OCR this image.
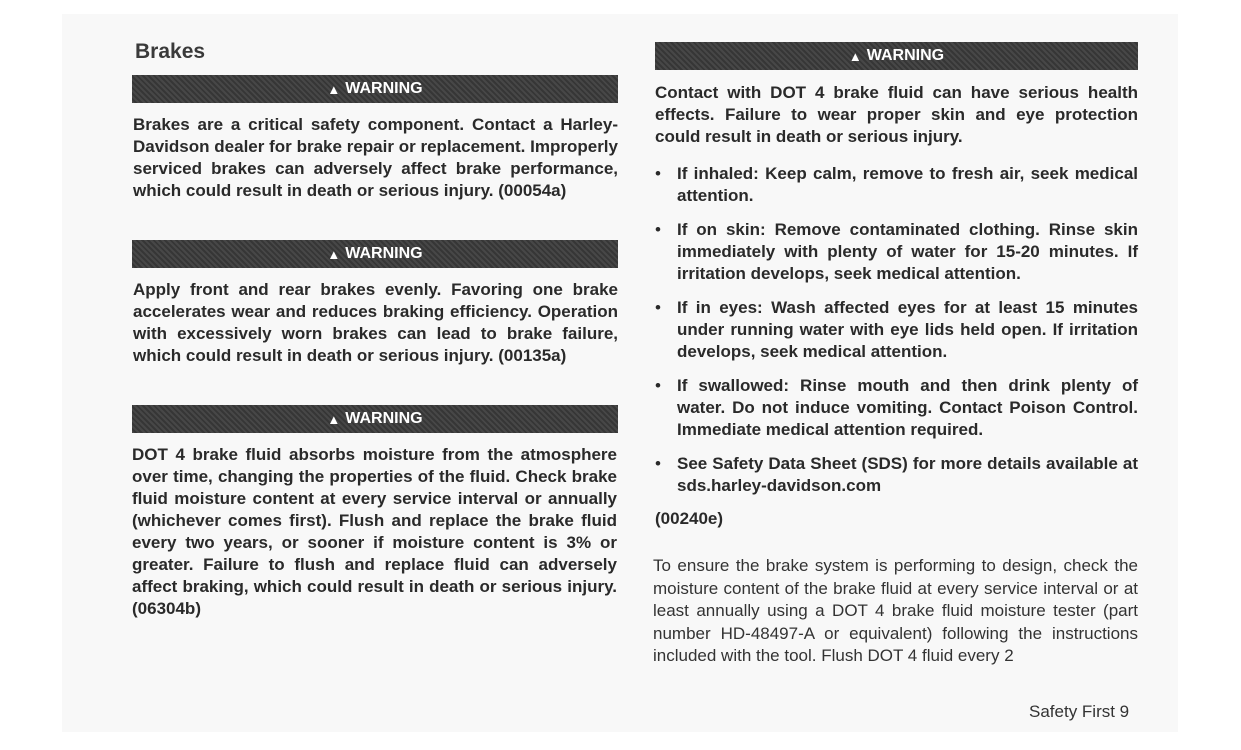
Brakes
▲ WARNING
Brakes are a critical safety component. Contact a Harley-Davidson dealer for brake repair or replacement. Improperly serviced brakes can adversely affect brake performance, which could result in death or serious injury. (00054a)
▲ WARNING
Apply front and rear brakes evenly. Favoring one brake accelerates wear and reduces braking efficiency. Operation with excessively worn brakes can lead to brake failure, which could result in death or serious injury. (00135a)
▲ WARNING
DOT 4 brake fluid absorbs moisture from the atmosphere over time, changing the properties of the fluid. Check brake fluid moisture content at every service interval or annually (whichever comes first). Flush and replace the brake fluid every two years, or sooner if moisture content is 3% or greater. Failure to flush and replace fluid can adversely affect braking, which could result in death or serious injury. (06304b)
▲ WARNING
Contact with DOT 4 brake fluid can have serious health effects. Failure to wear proper skin and eye protection could result in death or serious injury.
• If inhaled: Keep calm, remove to fresh air, seek medical attention.
• If on skin: Remove contaminated clothing. Rinse skin immediately with plenty of water for 15-20 minutes. If irritation develops, seek medical attention.
• If in eyes: Wash affected eyes for at least 15 minutes under running water with eye lids held open. If irritation develops, seek medical attention.
• If swallowed: Rinse mouth and then drink plenty of water. Do not induce vomiting. Contact Poison Control. Immediate medical attention required.
• See Safety Data Sheet (SDS) for more details available at sds.harley-davidson.com
(00240e)
To ensure the brake system is performing to design, check the moisture content of the brake fluid at every service interval or at least annually using a DOT 4 brake fluid moisture tester (part number HD-48497-A or equivalent) following the instructions included with the tool. Flush DOT 4 fluid every 2
Safety First 9
